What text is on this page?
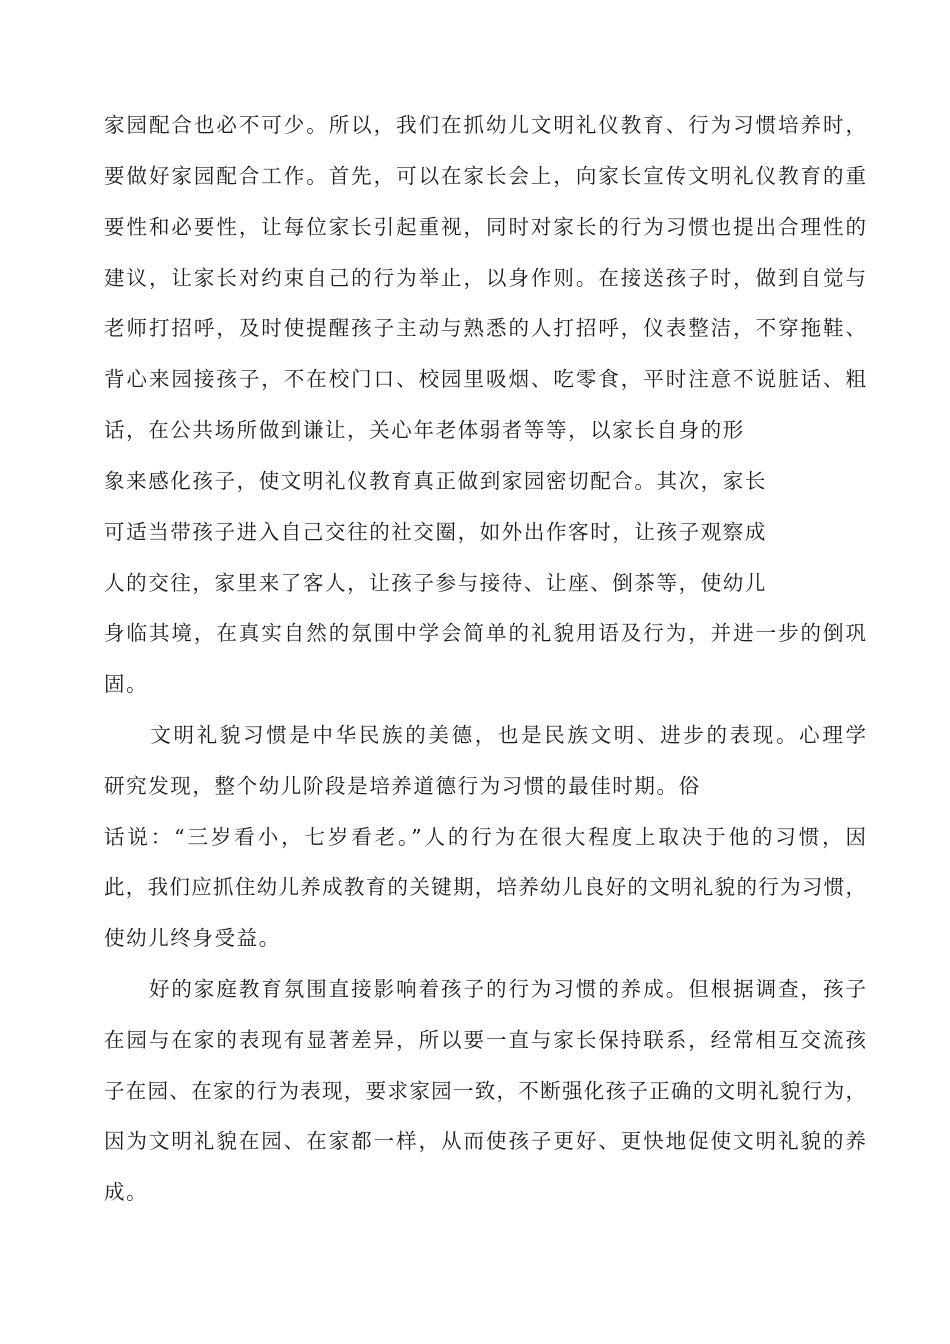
家园配合也必不可少。所以，我们在抓幼儿文明礼仪教育、行为习惯培养时，
要做好家园配合工作。首先，可以在家长会上，向家长宣传文明礼仪教育的重
要性和必要性，让每位家长引起重视，同时对家长的行为习惯也提出合理性的
建议，让家长对约束自己的行为举止，以身作则。在接送孩子时，做到自觉与
老师打招呼，及时使提醒孩子主动与熟悉的人打招呼，仪表整洁，不穿拖鞋、
背心来园接孩子，不在校门口、校园里吸烟、吃零食，平时注意不说脏话、粗
话，在公共场所做到谦让，关心年老体弱者等等，以家长自身的形
象来感化孩子，使文明礼仪教育真正做到家园密切配合。其次，家长
可适当带孩子进入自己交往的社交圈，如外出作客时，让孩子观察成
人的交往，家里来了客人，让孩子参与接待、让座、倒茶等，使幼儿
身临其境，在真实自然的氛围中学会简单的礼貌用语及行为，并进一步的倒巩
固。
　　文明礼貌习惯是中华民族的美德，也是民族文明、进步的表现。心理学
研究发现，整个幼儿阶段是培养道德行为习惯的最佳时期。俗
话说：“三岁看小，七岁看老。”人的行为在很大程度上取决于他的习惯，因
此，我们应抓住幼儿养成教育的关键期，培养幼儿良好的文明礼貌的行为习惯，
使幼儿终身受益。
　　好的家庭教育氛围直接影响着孩子的行为习惯的养成。但根据调查，孩子
在园与在家的表现有显著差异，所以要一直与家长保持联系，经常相互交流孩
子在园、在家的行为表现，要求家园一致，不断强化孩子正确的文明礼貌行为，
因为文明礼貌在园、在家都一样，从而使孩子更好、更快地促使文明礼貌的养
成。
